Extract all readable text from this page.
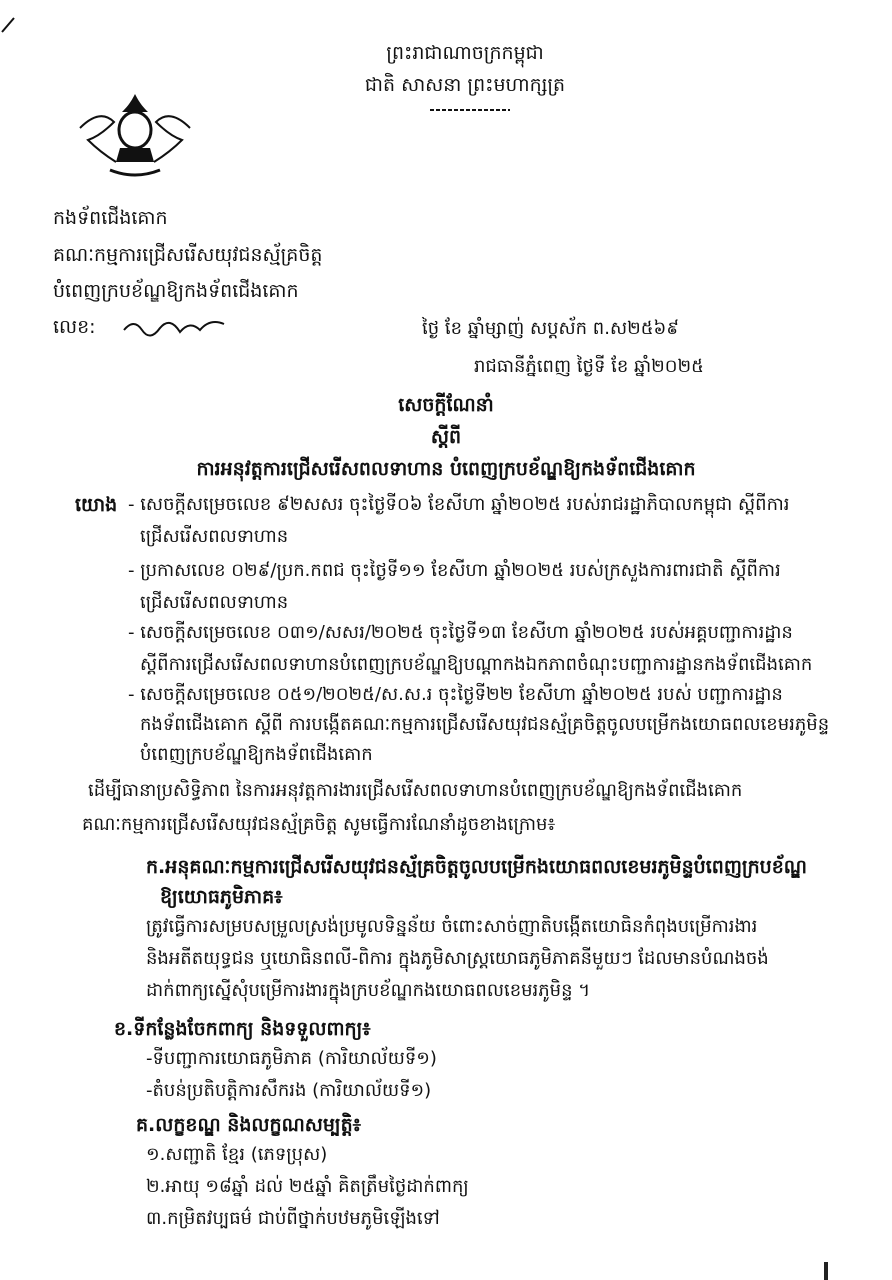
ព្រះរាជាណាចក្រកម្ពុជា
ជាតិ សាសនា ព្រះមហាក្សត្រ
កងទ័ពជើងគោក
គណៈកម្មការជ្រើសរើសយុវជនស្ម័គ្រចិត្ត
បំពេញក្របខ័ណ្ឌឱ្យកងទ័ពជើងគោក
លេខ:	ថ្ងៃ ខែ ឆ្នាំម្សាញ់ សប្តស័ក ព.ស២៥៦៩
រាជធានីភ្នំពេញ ថ្ងៃទី ខែ ឆ្នាំ២០២៥
សេចក្តីណែនាំ
ស្តីពី
ការអនុវត្តការជ្រើសរើសពលទាហាន បំពេញក្របខ័ណ្ឌឱ្យកងទ័ពជើងគោក
យោង - សេចក្តីសម្រេចលេខ ៩២សសរ ចុះថ្ងៃទី០៦ ខែសីហា ឆ្នាំ២០២៥ របស់រាជរដ្ឋាភិបាលកម្ពុជា ស្តីពីការ
ជ្រើសរើសពលទាហាន
- ប្រកាសលេខ ០២៩/ប្រក.កពជ ចុះថ្ងៃទី១១ ខែសីហា ឆ្នាំ២០២៥ របស់ក្រសួងការពារជាតិ ស្តីពីការ
ជ្រើសរើសពលទាហាន
- សេចក្តីសម្រេចលេខ ០៣១/សសរ/២០២៥ ចុះថ្ងៃទី១៣ ខែសីហា ឆ្នាំ២០២៥ របស់អគ្គបញ្ជាការដ្ឋាន
ស្តីពីការជ្រើសរើសពលទាហានបំពេញក្របខ័ណ្ឌឱ្យបណ្តាកងឯកភាពចំណុះបញ្ជាការដ្ឋានកងទ័ពជើងគោក
- សេចក្តីសម្រេចលេខ ០៥១/២០២៥/ស.ស.រ ចុះថ្ងៃទី២២ ខែសីហា ឆ្នាំ២០២៥ របស់ បញ្ជាការដ្ឋាន
កងទ័ពជើងគោក ស្តីពី ការបង្កើតគណៈកម្មការជ្រើសរើសយុវជនស្ម័គ្រចិត្តចូលបម្រើកងយោធពលខេមរភូមិន្ទ
បំពេញក្របខ័ណ្ឌឱ្យកងទ័ពជើងគោក
ដើម្បីធានាប្រសិទ្ធិភាព នៃការអនុវត្តការងារជ្រើសរើសពលទាហានបំពេញក្របខ័ណ្ឌឱ្យកងទ័ពជើងគោក
គណៈកម្មការជ្រើសរើសយុវជនស្ម័គ្រចិត្ត សូមធ្វើការណែនាំដូចខាងក្រោម៖
ក.អនុគណៈកម្មការជ្រើសរើសយុវជនស្ម័គ្រចិត្តចូលបម្រើកងយោធពលខេមរភូមិន្ទបំពេញក្របខ័ណ្ឌ
ឱ្យយោធភូមិភាគ៖
ត្រូវធ្វើការសម្របសម្រួលស្រង់ប្រមូលទិន្នន័យ ចំពោះសាច់ញាតិបង្កើតយោធិនកំពុងបម្រើការងារ
និងអតីតយុទ្ធជន ឬយោធិនពលី-ពិការ ក្នុងភូមិសាស្ត្រយោធភូមិភាគនីមួយៗ ដែលមានបំណងចង់
ដាក់ពាក្យស្នើសុំបម្រើការងារក្នុងក្របខ័ណ្ឌកងយោធពលខេមរភូមិន្ទ ។
ខ.ទីកន្លែងចែកពាក្យ និងទទួលពាក្យ៖
-ទីបញ្ជាការយោធភូមិភាគ (ការិយាល័យទី១)
-តំបន់ប្រតិបត្តិការសឹករង (ការិយាល័យទី១)
គ.លក្ខខណ្ឌ និងលក្ខណសម្បត្តិ៖
១.សញ្ជាតិ ខ្មែរ (ភេទប្រុស)
២.អាយុ ១៨ឆ្នាំ ដល់ ២៥ឆ្នាំ គិតត្រឹមថ្ងៃដាក់ពាក្យ
៣.កម្រិតវប្បធម៌ ជាប់ពីថ្នាក់បឋមភូមិឡើងទៅ
